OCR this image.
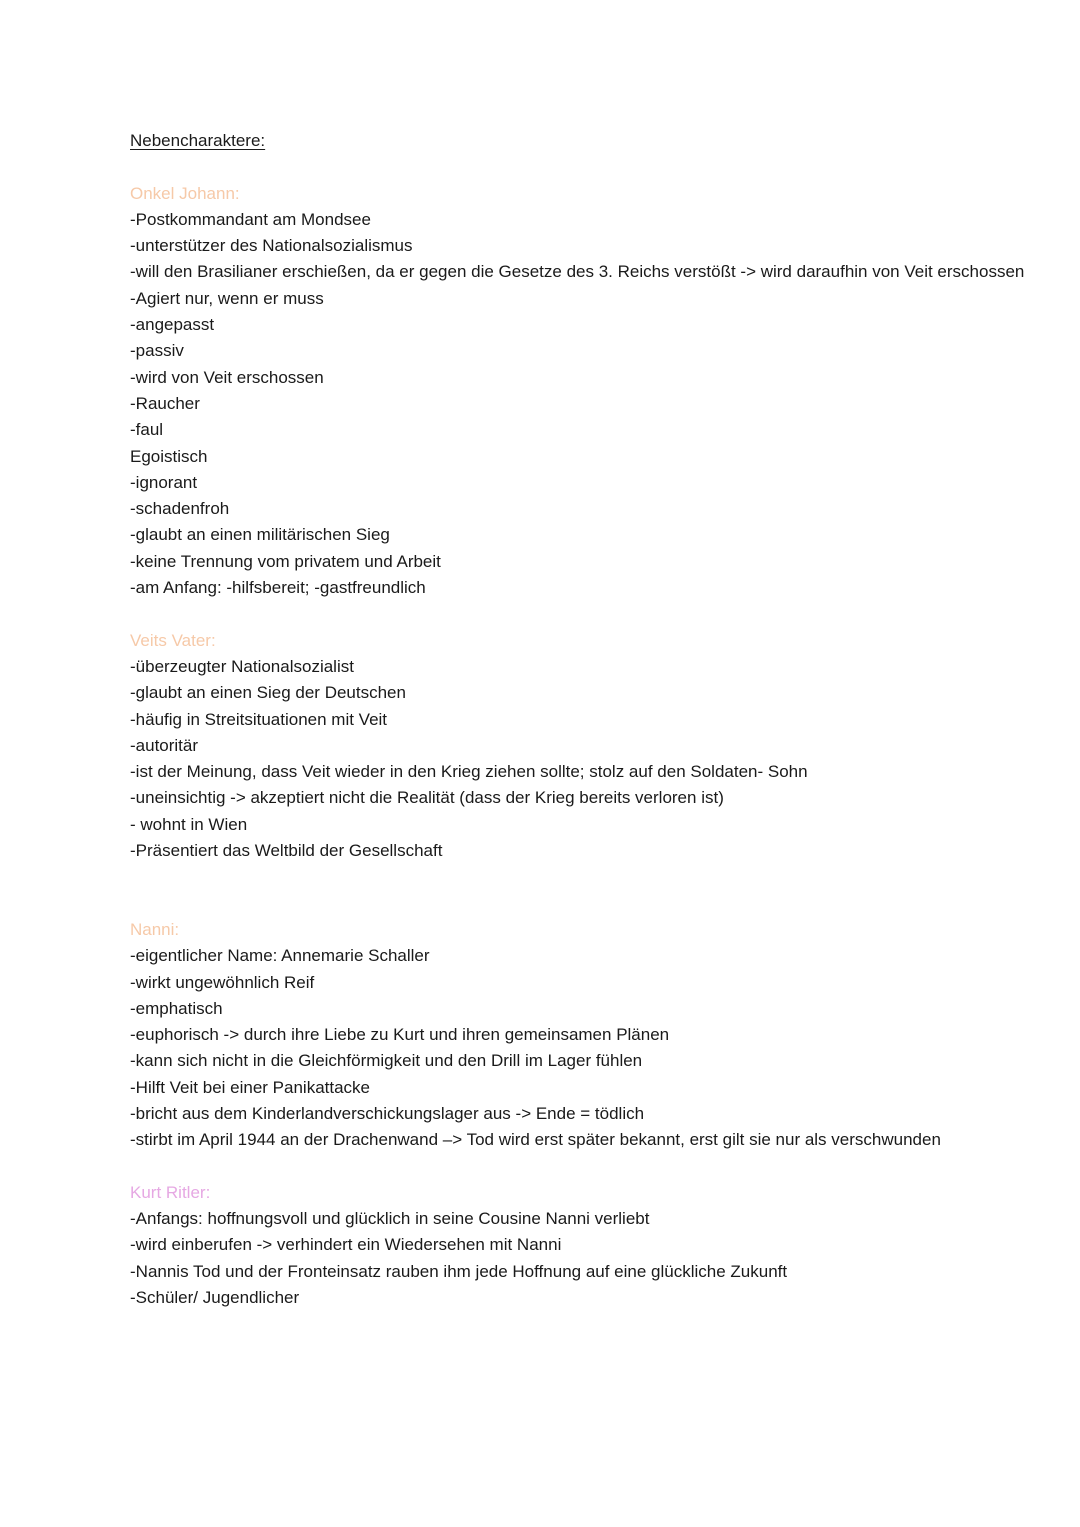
Nebencharaktere:
Onkel Johann:
-Postkommandant am Mondsee
-unterstützer des Nationalsozialismus
-will den Brasilianer erschießen, da er gegen die Gesetze des 3. Reichs verstößt -> wird daraufhin von Veit erschossen
-Agiert nur, wenn er muss
-angepasst
-passiv
-wird von Veit erschossen
-Raucher
-faul
Egoistisch
-ignorant
-schadenfroh
-glaubt an einen militärischen Sieg
-keine Trennung vom privatem und Arbeit
-am Anfang: -hilfsbereit; -gastfreundlich
Veits Vater:
-überzeugter Nationalsozialist
-glaubt an einen Sieg der Deutschen
-häufig in Streitsituationen mit Veit
-autoritär
-ist der Meinung, dass Veit wieder in den Krieg ziehen sollte; stolz auf den Soldaten- Sohn
-uneinsichtig -> akzeptiert nicht die Realität (dass der Krieg bereits verloren ist)
- wohnt in Wien
-Präsentiert das Weltbild der Gesellschaft
Nanni:
-eigentlicher Name: Annemarie Schaller
-wirkt ungewöhnlich Reif
-emphatisch
-euphorisch -> durch ihre Liebe zu Kurt und ihren gemeinsamen Plänen
-kann sich nicht in die Gleichförmigkeit und den Drill im Lager fühlen
-Hilft Veit bei einer Panikattacke
-bricht aus dem Kinderlandverschickungslager aus -> Ende = tödlich
-stirbt im April 1944 an der Drachenwand –> Tod wird erst später bekannt, erst gilt sie nur als verschwunden
Kurt Ritler:
-Anfangs: hoffnungsvoll und glücklich in seine Cousine Nanni verliebt
-wird einberufen -> verhindert ein Wiedersehen mit Nanni
-Nannis Tod und der Fronteinsatz rauben ihm jede Hoffnung auf eine glückliche Zukunft
-Schüler/ Jugendlicher
